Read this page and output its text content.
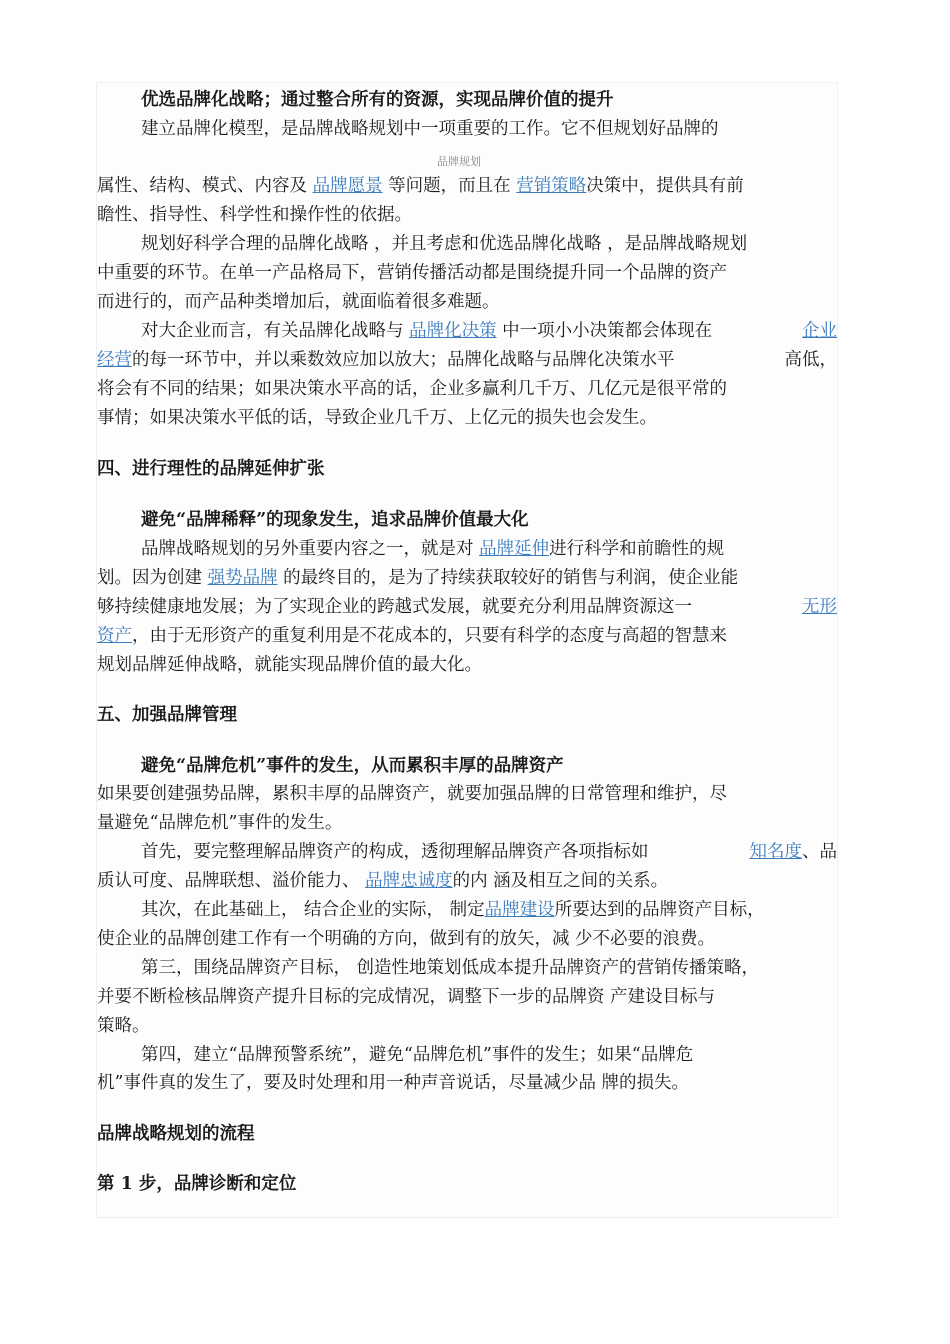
优选品牌化战略；通过整合所有的资源，实现品牌价值的提升
建立品牌化模型，是品牌战略规划中一项重要的工作。它不但规划好品牌的
品牌规划
属性、结构、模式、内容及 品牌愿景 等问题，而且在 营销策略决策中，提供具有前
瞻性、指导性、科学性和操作性的依据。
规划好科学合理的品牌化战略 ，并且考虑和优选品牌化战略 ，是品牌战略规划
中重要的环节。在单一产品格局下，营销传播活动都是围绕提升同一个品牌的资产
而进行的，而产品种类增加后，就面临着很多难题。
对大企业而言，有关品牌化战略与 品牌化决策 中一项小小决策都会体现在	企业
经营的每一环节中，并以乘数效应加以放大；品牌化战略与品牌化决策水平	高低，
将会有不同的结果；如果决策水平高的话，企业多赢利几千万、几亿元是很平常的
事情；如果决策水平低的话，导致企业几千万、上亿元的损失也会发生。
四、进行理性的品牌延伸扩张
避免“品牌稀释”的现象发生，追求品牌价值最大化
品牌战略规划的另外重要内容之一，就是对 品牌延伸进行科学和前瞻性的规
划。因为创建 强势品牌 的最终目的，是为了持续获取较好的销售与利润，使企业能
够持续健康地发展；为了实现企业的跨越式发展，就要充分利用品牌资源这一	无形
资产，由于无形资产的重复利用是不花成本的，只要有科学的态度与高超的智慧来
规划品牌延伸战略，就能实现品牌价值的最大化。
五、加强品牌管理
避免“品牌危机”事件的发生，从而累积丰厚的品牌资产
如果要创建强势品牌，累积丰厚的品牌资产，就要加强品牌的日常管理和维护，尽
量避免“品牌危机”事件的发生。
首先，要完整理解品牌资产的构成，透彻理解品牌资产各项指标如	知名度、品
质认可度、品牌联想、溢价能力、 品牌忠诚度的内 涵及相互之间的关系。
其次，在此基础上， 结合企业的实际， 制定品牌建设所要达到的品牌资产目标，
使企业的品牌创建工作有一个明确的方向，做到有的放矢，减 少不必要的浪费。
第三，围绕品牌资产目标， 创造性地策划低成本提升品牌资产的营销传播策略，
并要不断检核品牌资产提升目标的完成情况，调整下一步的品牌资 产建设目标与
策略。
第四，建立“品牌预警系统”，避免“品牌危机”事件的发生；如果“品牌危
机”事件真的发生了，要及时处理和用一种声音说话，尽量减少品 牌的损失。
品牌战略规划的流程
第 1 步，品牌诊断和定位
